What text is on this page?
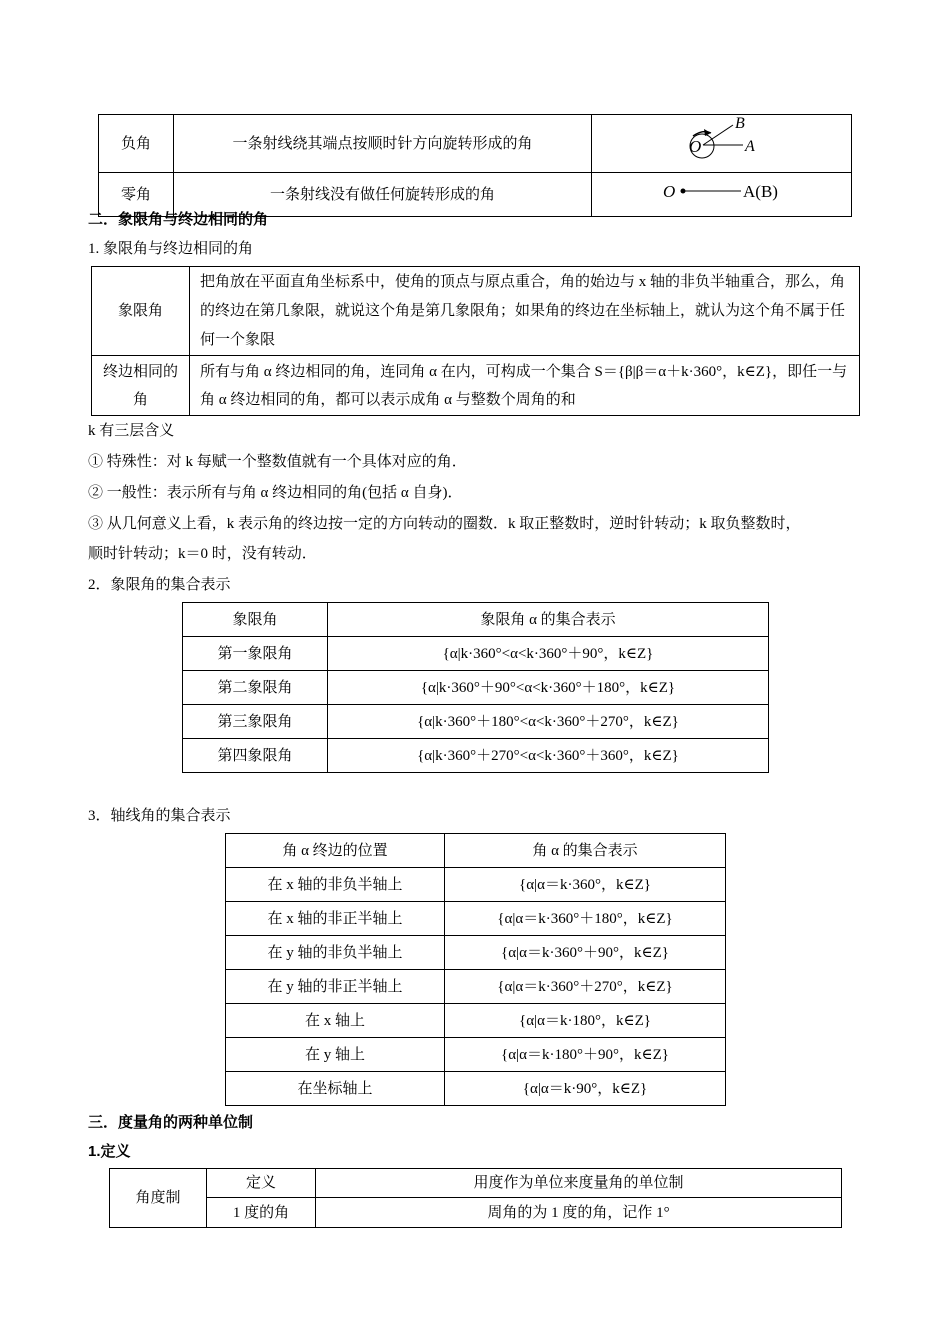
负角	一条射线绕其端点按顺时针方向旋转形成的角	O
B
A

零角	一条射线没有做任何旋转形成的角	O A(B)
二．象限角与终边相同的角
1. 象限角与终边相同的角
象限角	把角放在平面直角坐标系中，使角的顶点与原点重合，角的始边与 x 轴的非负半轴重合，那么，角的终边在第几象限，就说这个角是第几象限角；如果角的终边在坐标轴上，就认为这个角不属于任何一个象限
终边相同的角	所有与角 α 终边相同的角，连同角 α 在内，可构成一个集合 S＝{β|β＝α＋k·360°，k∈Z}，即任一与角 α 终边相同的角，都可以表示成角 α 与整数个周角的和
k 有三层含义
① 特殊性：对 k 每赋一个整数值就有一个具体对应的角．
② 一般性：表示所有与角 α 终边相同的角(包括 α 自身)．
③ 从几何意义上看，k 表示角的终边按一定的方向转动的圈数．k 取正整数时，逆时针转动；k 取负整数时，
顺时针转动；k＝0 时，没有转动．
2．象限角的集合表示
象限角	象限角 α 的集合表示
第一象限角	{α|k·360°<α<k·360°＋90°，k∈Z}
第二象限角	{α|k·360°＋90°<α<k·360°＋180°，k∈Z}
第三象限角	{α|k·360°＋180°<α<k·360°＋270°，k∈Z}
第四象限角	{α|k·360°＋270°<α<k·360°＋360°，k∈Z}
3．轴线角的集合表示
角 α 终边的位置	角 α 的集合表示
在 x 轴的非负半轴上	{α|α＝k·360°，k∈Z}
在 x 轴的非正半轴上	{α|α＝k·360°＋180°，k∈Z}
在 y 轴的非负半轴上	{α|α＝k·360°＋90°，k∈Z}
在 y 轴的非正半轴上	{α|α＝k·360°＋270°，k∈Z}
在 x 轴上	{α|α＝k·180°，k∈Z}
在 y 轴上	{α|α＝k·180°＋90°，k∈Z}
在坐标轴上	{α|α＝k·90°，k∈Z}
三．度量角的两种单位制
1.定义
角度制	定义	用度作为单位来度量角的单位制
	1 度的角	周角的为 1 度的角，记作 1°
